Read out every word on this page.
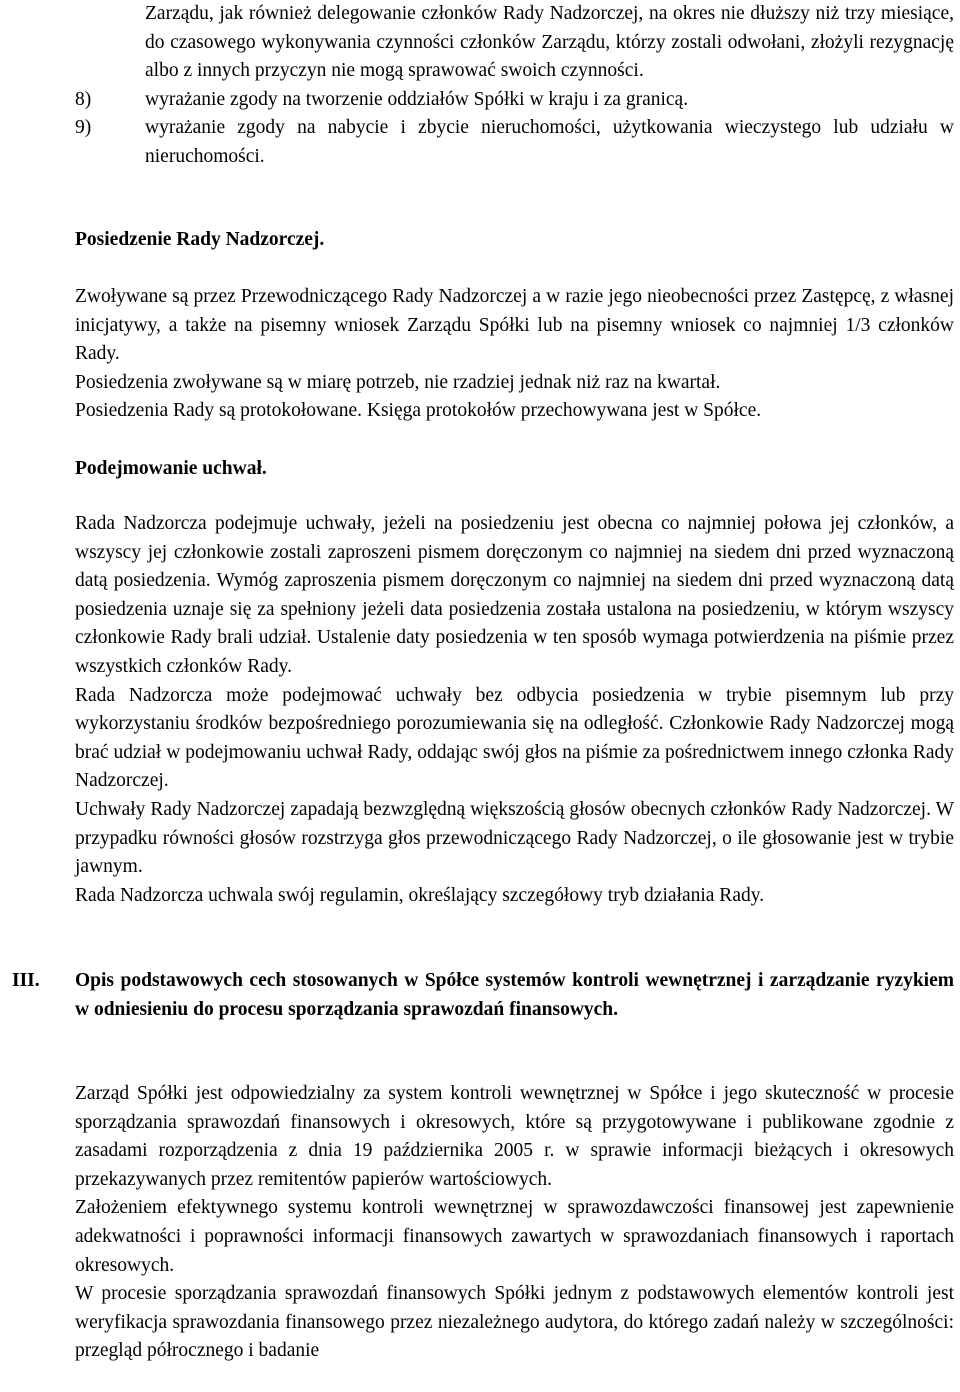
Zarządu, jak również delegowanie członków Rady Nadzorczej, na okres nie dłuższy niż trzy miesiące, do czasowego wykonywania czynności członków Zarządu, którzy zostali odwołani, złożyli rezygnację albo z innych przyczyn nie mogą sprawować swoich czynności.

8)	wyrażanie zgody na tworzenie oddziałów Spółki w kraju i za granicą.

9)	wyrażanie zgody na nabycie i zbycie nieruchomości, użytkowania wieczystego lub udziału w nieruchomości.

Posiedzenie Rady Nadzorczej.

Zwoływane są przez Przewodniczącego Rady Nadzorczej a w razie jego nieobecności przez Zastępcę, z własnej inicjatywy, a także na pisemny wniosek Zarządu Spółki lub na pisemny wniosek co najmniej 1/3 członków Rady.

Posiedzenia zwoływane są w miarę potrzeb, nie rzadziej jednak niż raz na kwartał.

Posiedzenia Rady są protokołowane. Księga protokołów przechowywana jest w Spółce.

Podejmowanie uchwał.

Rada Nadzorcza podejmuje uchwały, jeżeli na posiedzeniu jest obecna co najmniej połowa jej członków, a wszyscy jej członkowie zostali zaproszeni pismem doręczonym co najmniej na siedem dni przed wyznaczoną datą posiedzenia. Wymóg zaproszenia pismem doręczonym co najmniej na siedem dni przed wyznaczoną datą posiedzenia uznaje się za spełniony jeżeli data posiedzenia została ustalona na posiedzeniu, w którym wszyscy członkowie Rady brali udział. Ustalenie daty posiedzenia w ten sposób wymaga potwierdzenia na piśmie przez wszystkich członków Rady.

Rada Nadzorcza może podejmować uchwały bez odbycia posiedzenia w trybie pisemnym lub przy wykorzystaniu środków bezpośredniego porozumiewania się na odległość. Członkowie Rady Nadzorczej mogą brać udział w podejmowaniu uchwał Rady, oddając swój głos na piśmie za pośrednictwem innego członka Rady Nadzorczej.

Uchwały Rady Nadzorczej zapadają bezwzględną większością głosów obecnych członków Rady Nadzorczej. W przypadku równości głosów rozstrzyga głos przewodniczącego Rady Nadzorczej, o ile głosowanie jest w trybie jawnym.

Rada Nadzorcza uchwala swój regulamin, określający szczegółowy tryb działania Rady.

III. Opis podstawowych cech stosowanych w Spółce systemów kontroli wewnętrznej i zarządzanie ryzykiem w odniesieniu do procesu sporządzania sprawozdań finansowych.

Zarząd Spółki jest odpowiedzialny za system kontroli wewnętrznej w Spółce i jego skuteczność w procesie sporządzania sprawozdań finansowych i okresowych, które są przygotowywane i publikowane zgodnie z zasadami rozporządzenia z dnia 19 października 2005 r. w sprawie informacji bieżących i okresowych przekazywanych przez remitentów papierów wartościowych.

Założeniem efektywnego systemu kontroli wewnętrznej w sprawozdawczości finansowej jest zapewnienie adekwatności i poprawności informacji finansowych zawartych w sprawozdaniach finansowych i raportach okresowych.

W procesie sporządzania sprawozdań finansowych Spółki jednym z podstawowych elementów kontroli jest weryfikacja sprawozdania finansowego przez niezależnego audytora, do którego zadań należy w szczególności: przegląd półrocznego i badanie
